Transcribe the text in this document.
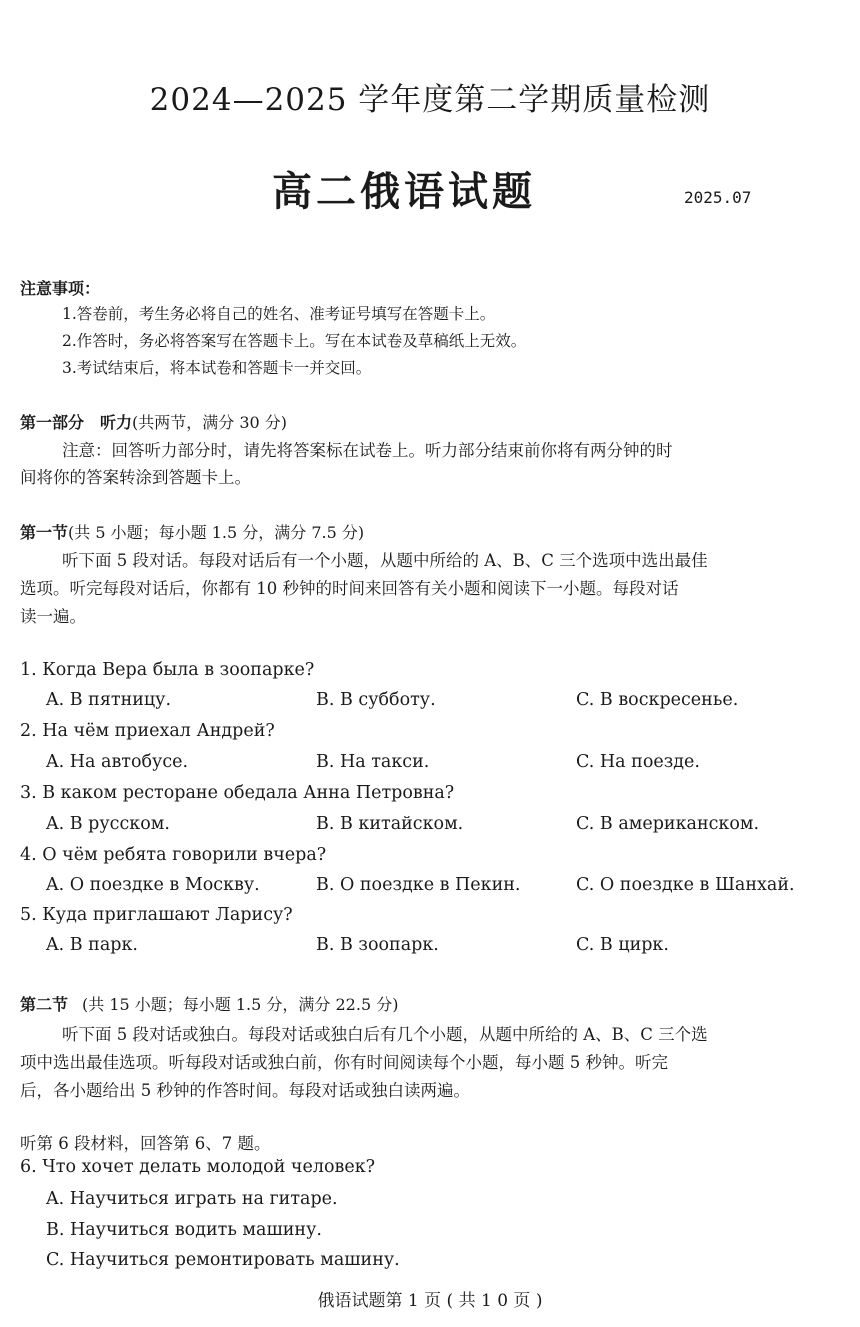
2024—2025 学年度第二学期质量检测
高二俄语试题	2025.07
注意事项：
1.答卷前，考生务必将自己的姓名、准考证号填写在答题卡上。
2.作答时，务必将答案写在答题卡上。写在本试卷及草稿纸上无效。
3.考试结束后，将本试卷和答题卡一并交回。
第一部分　听力(共两节，满分 30 分)
注意：回答听力部分时，请先将答案标在试卷上。听力部分结束前你将有两分钟的时
间将你的答案转涂到答题卡上。
第一节(共 5 小题；每小题 1.5 分，满分 7.5 分)
听下面 5 段对话。每段对话后有一个小题，从题中所给的 A、B、C 三个选项中选出最佳
选项。听完每段对话后，你都有 10 秒钟的时间来回答有关小题和阅读下一小题。每段对话
读一遍。
1. Когда Вера была в зоопарке?
A. В пятницу.	B. В субботу.	C. В воскресенье.
2. На чём приехал Андрей?
A. На автобусе.	B. На такси.	C. На поезде.
3. В каком ресторане обедала Анна Петровна?
A. В русском.	B. В китайском.	C. В американском.
4. О чём ребята говорили вчера?
A. О поездке в Москву.	B. О поездке в Пекин.	C. О поездке в Шанхай.
5. Куда приглашают Ларису?
A. В парк.	B. В зоопарк.	C. В цирк.
第二节 (共 15 小题；每小题 1.5 分，满分 22.5 分)
听下面 5 段对话或独白。每段对话或独白后有几个小题，从题中所给的 A、B、C 三个选
项中选出最佳选项。听每段对话或独白前，你有时间阅读每个小题，每小题 5 秒钟。听完
后，各小题给出 5 秒钟的作答时间。每段对话或独白读两遍。
听第 6 段材料，回答第 6、7 题。
6. Что хочет делать молодой человек?
A. Научиться играть на гитаре.
B. Научиться водить машину.
C. Научиться ремонтировать машину.
俄语试题第 1 页 ( 共 1 0 页 )
